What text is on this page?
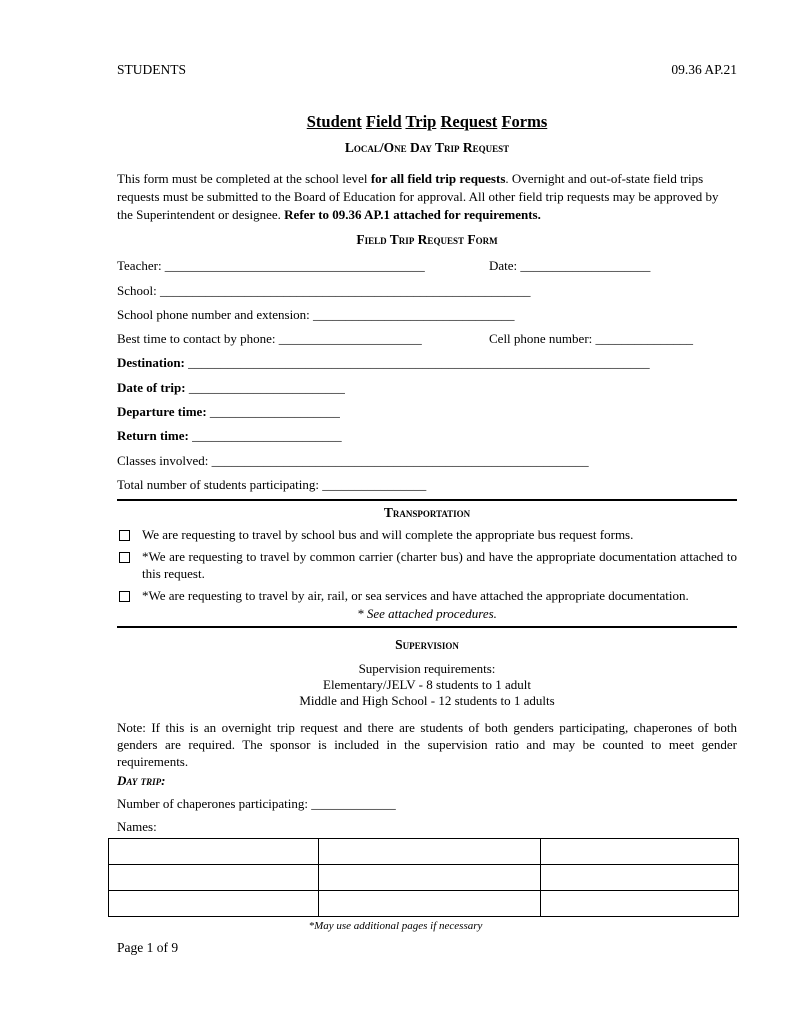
STUDENTS	09.36 AP.21
Student Field Trip Request Forms
Local/One Day Trip Request

This form must be completed at the school level for all field trip requests. Overnight and out-of-state field trips requests must be submitted to the Board of Education for approval. All other field trip requests may be approved by the Superintendent or designee. Refer to 09.36 AP.1 attached for requirements.

Field Trip Request Form
Teacher: ________________________________________	Date: ____________________
School: _________________________________________________________
School phone number and extension: _______________________________
Best time to contact by phone: ______________________	Cell phone number: _______________
Destination: _______________________________________________________________________
Date of trip: ________________________
Departure time: ____________________
Return time: _______________________
Classes involved: __________________________________________________________
Total number of students participating: ________________
Transportation
We are requesting to travel by school bus and will complete the appropriate bus request forms.
*We are requesting to travel by common carrier (charter bus) and have the appropriate documentation attached to this request.
*We are requesting to travel by air, rail, or sea services and have attached the appropriate documentation.
* See attached procedures.
Supervision
Supervision requirements:
Elementary/JELV - 8 students to 1 adult
Middle and High School - 12 students to 1 adults

Note: If this is an overnight trip request and there are students of both genders participating, chaperones of both genders are required. The sponsor is included in the supervision ratio and may be counted to meet gender requirements.

Day trip:
Number of chaperones participating: _____________
Names:

*May use additional pages if necessary
Page 1 of 9
